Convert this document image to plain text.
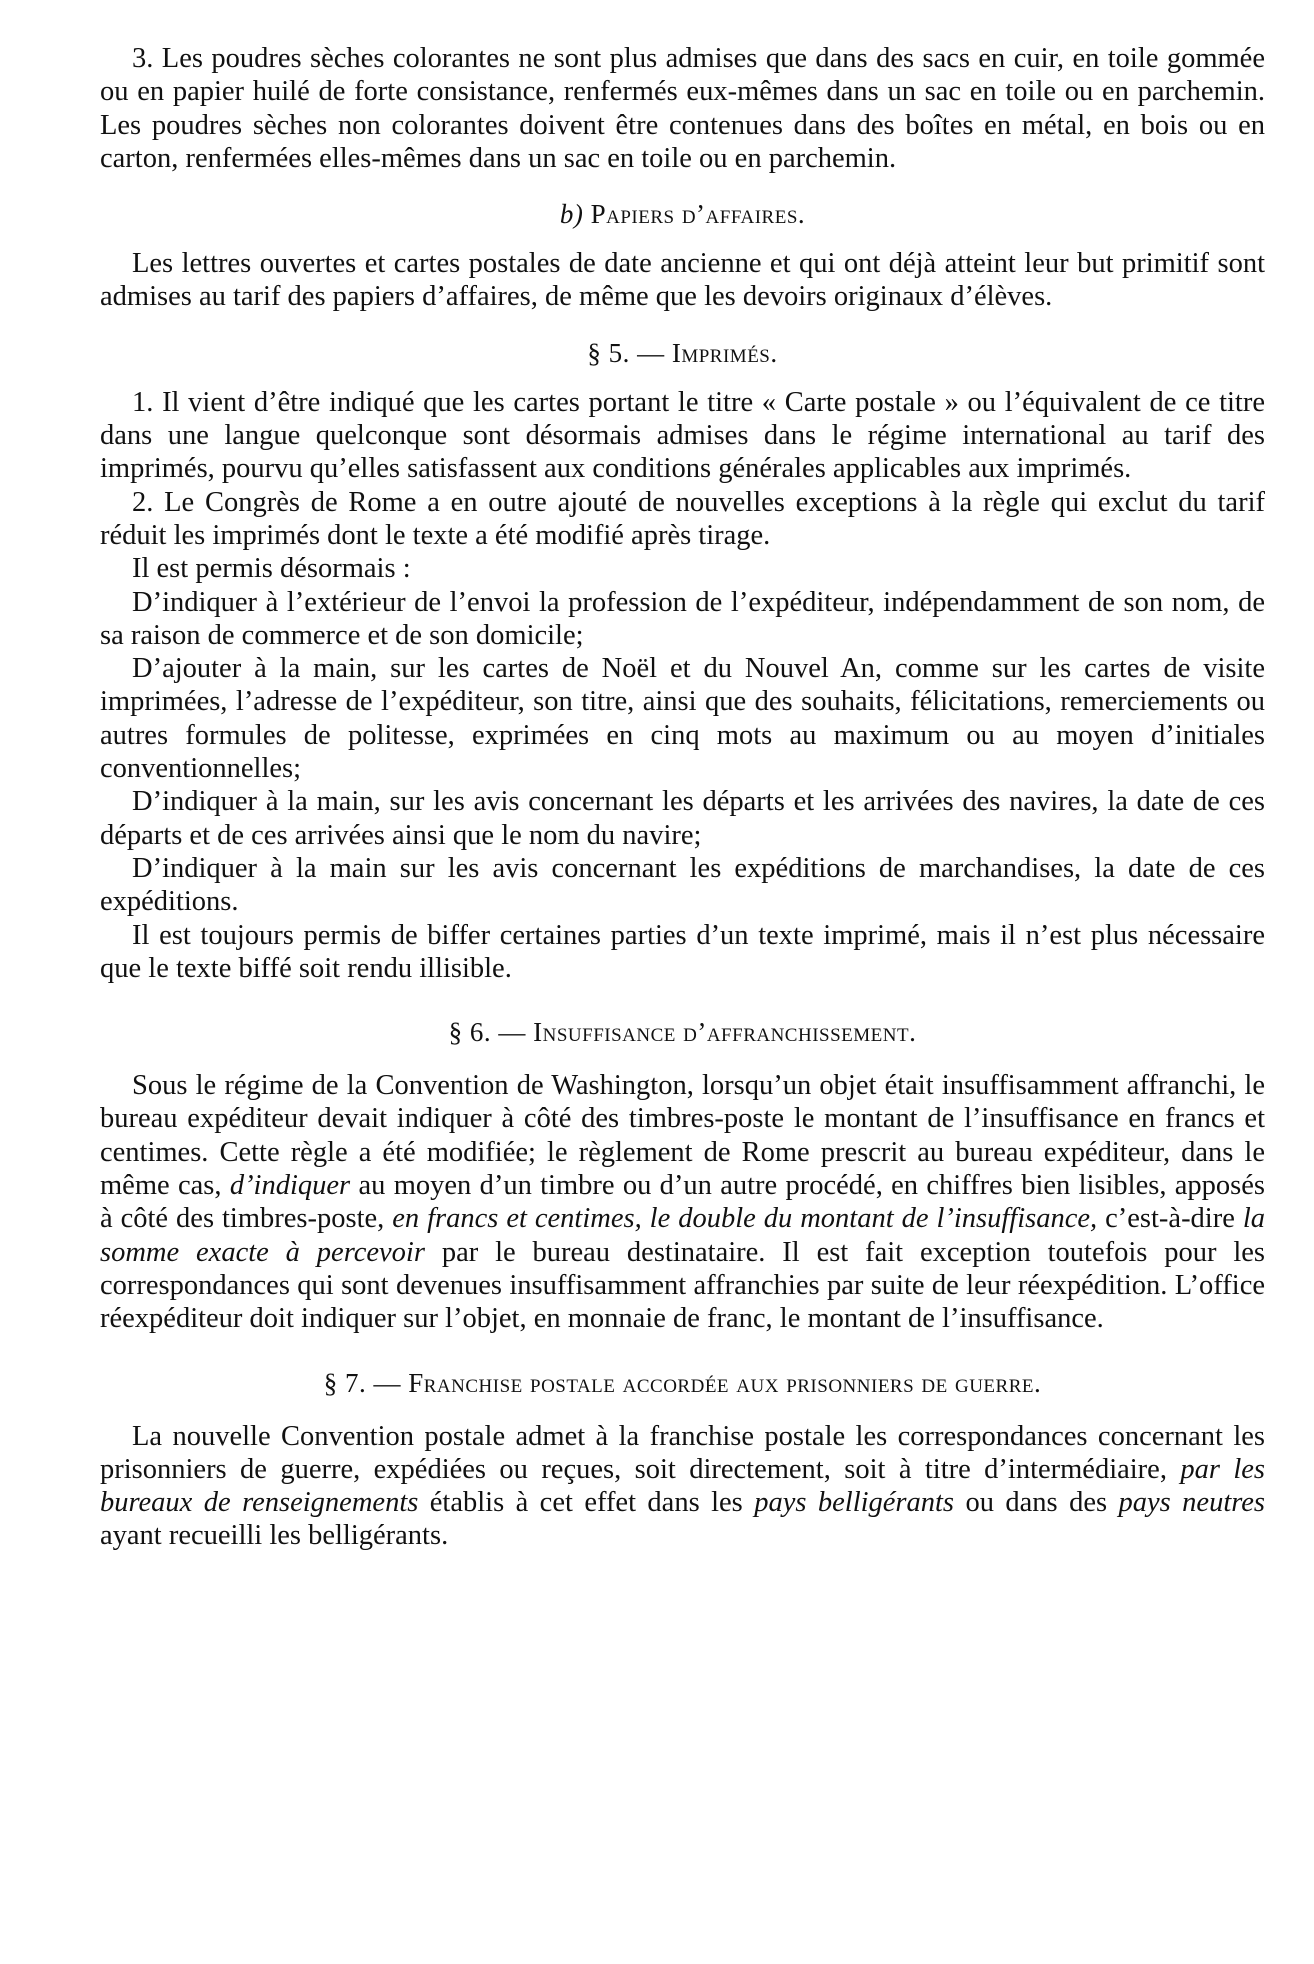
3. Les poudres sèches colorantes ne sont plus admises que dans des sacs en cuir, en toile gommée ou en papier huilé de forte consistance, renfermés eux-mêmes dans un sac en toile ou en parchemin. Les poudres sèches non colorantes doivent être contenues dans des boîtes en métal, en bois ou en carton, renfermées elles-mêmes dans un sac en toile ou en parchemin.

b) Papiers d’affaires.

Les lettres ouvertes et cartes postales de date ancienne et qui ont déjà atteint leur but primitif sont admises au tarif des papiers d’affaires, de même que les devoirs originaux d’élèves.

§ 5. — Imprimés.

1. Il vient d’être indiqué que les cartes portant le titre « Carte postale » ou l’équivalent de ce titre dans une langue quelconque sont désormais admises dans le régime international au tarif des imprimés, pourvu qu’elles satisfassent aux conditions générales applicables aux imprimés.

2. Le Congrès de Rome a en outre ajouté de nouvelles exceptions à la règle qui exclut du tarif réduit les imprimés dont le texte a été modifié après tirage.

Il est permis désormais :

D’indiquer à l’extérieur de l’envoi la profession de l’expéditeur, indépendamment de son nom, de sa raison de commerce et de son domicile;

D’ajouter à la main, sur les cartes de Noël et du Nouvel An, comme sur les cartes de visite imprimées, l’adresse de l’expéditeur, son titre, ainsi que des souhaits, félicitations, remerciements ou autres formules de politesse, exprimées en cinq mots au maximum ou au moyen d’initiales conventionnelles;

D’indiquer à la main, sur les avis concernant les départs et les arrivées des navires, la date de ces départs et de ces arrivées ainsi que le nom du navire;

D’indiquer à la main sur les avis concernant les expéditions de marchandises, la date de ces expéditions.

Il est toujours permis de biffer certaines parties d’un texte imprimé, mais il n’est plus nécessaire que le texte biffé soit rendu illisible.

§ 6. — Insuffisance d’affranchissement.

Sous le régime de la Convention de Washington, lorsqu’un objet était insuffisamment affranchi, le bureau expéditeur devait indiquer à côté des timbres-poste le montant de l’insuffisance en francs et centimes. Cette règle a été modifiée; le règlement de Rome prescrit au bureau expéditeur, dans le même cas, d’indiquer au moyen d’un timbre ou d’un autre procédé, en chiffres bien lisibles, apposés à côté des timbres-poste, en francs et centimes, le double du montant de l’insuffisance, c’est-à-dire la somme exacte à percevoir par le bureau destinataire. Il est fait exception toutefois pour les correspondances qui sont devenues insuffisamment affranchies par suite de leur réexpédition. L’office réexpéditeur doit indiquer sur l’objet, en monnaie de franc, le montant de l’insuffisance.

§ 7. — Franchise postale accordée aux prisonniers de guerre.

La nouvelle Convention postale admet à la franchise postale les correspondances concernant les prisonniers de guerre, expédiées ou reçues, soit directement, soit à titre d’intermédiaire, par les bureaux de renseignements établis à cet effet dans les pays belligérants ou dans des pays neutres ayant recueilli les belligérants.
